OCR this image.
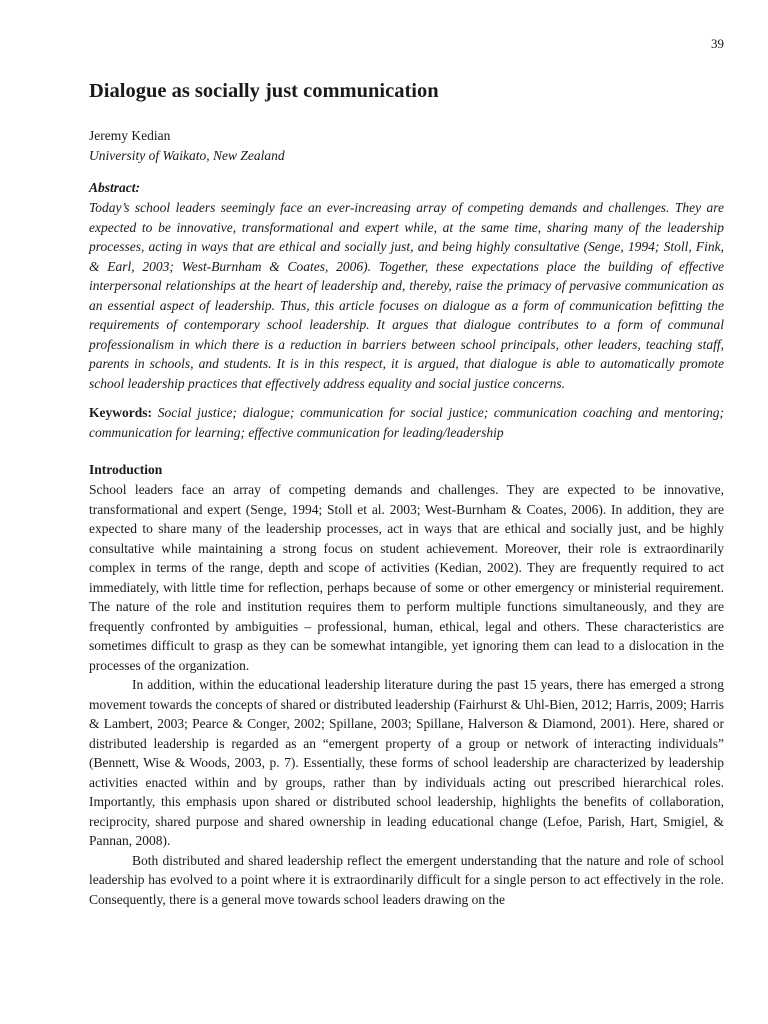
39
Dialogue as socially just communication

Jeremy Kedian

University of Waikato, New Zealand

Abstract:

Today’s school leaders seemingly face an ever-increasing array of competing demands and challenges. They are expected to be innovative, transformational and expert while, at the same time, sharing many of the leadership processes, acting in ways that are ethical and socially just, and being highly consultative (Senge, 1994; Stoll, Fink, & Earl, 2003; West-Burnham & Coates, 2006). Together, these expectations place the building of effective interpersonal relationships at the heart of leadership and, thereby, raise the primacy of pervasive communication as an essential aspect of leadership. Thus, this article focuses on dialogue as a form of communication befitting the requirements of contemporary school leadership. It argues that dialogue contributes to a form of communal professionalism in which there is a reduction in barriers between school principals, other leaders, teaching staff, parents in schools, and students. It is in this respect, it is argued, that dialogue is able to automatically promote school leadership practices that effectively address equality and social justice concerns.

Keywords: Social justice; dialogue; communication for social justice; communication coaching and mentoring; communication for learning; effective communication for leading/leadership

Introduction

School leaders face an array of competing demands and challenges. They are expected to be innovative, transformational and expert (Senge, 1994; Stoll et al. 2003; West-Burnham & Coates, 2006). In addition, they are expected to share many of the leadership processes, act in ways that are ethical and socially just, and be highly consultative while maintaining a strong focus on student achievement. Moreover, their role is extraordinarily complex in terms of the range, depth and scope of activities (Kedian, 2002). They are frequently required to act immediately, with little time for reflection, perhaps because of some or other emergency or ministerial requirement. The nature of the role and institution requires them to perform multiple functions simultaneously, and they are frequently confronted by ambiguities – professional, human, ethical, legal and others. These characteristics are sometimes difficult to grasp as they can be somewhat intangible, yet ignoring them can lead to a dislocation in the processes of the organization.

In addition, within the educational leadership literature during the past 15 years, there has emerged a strong movement towards the concepts of shared or distributed leadership (Fairhurst & Uhl-Bien, 2012; Harris, 2009; Harris & Lambert, 2003; Pearce & Conger, 2002; Spillane, 2003; Spillane, Halverson & Diamond, 2001). Here, shared or distributed leadership is regarded as an “emergent property of a group or network of interacting individuals” (Bennett, Wise & Woods, 2003, p. 7). Essentially, these forms of school leadership are characterized by leadership activities enacted within and by groups, rather than by individuals acting out prescribed hierarchical roles. Importantly, this emphasis upon shared or distributed school leadership, highlights the benefits of collaboration, reciprocity, shared purpose and shared ownership in leading educational change (Lefoe, Parish, Hart, Smigiel, & Pannan, 2008).

Both distributed and shared leadership reflect the emergent understanding that the nature and role of school leadership has evolved to a point where it is extraordinarily difficult for a single person to act effectively in the role. Consequently, there is a general move towards school leaders drawing on the
